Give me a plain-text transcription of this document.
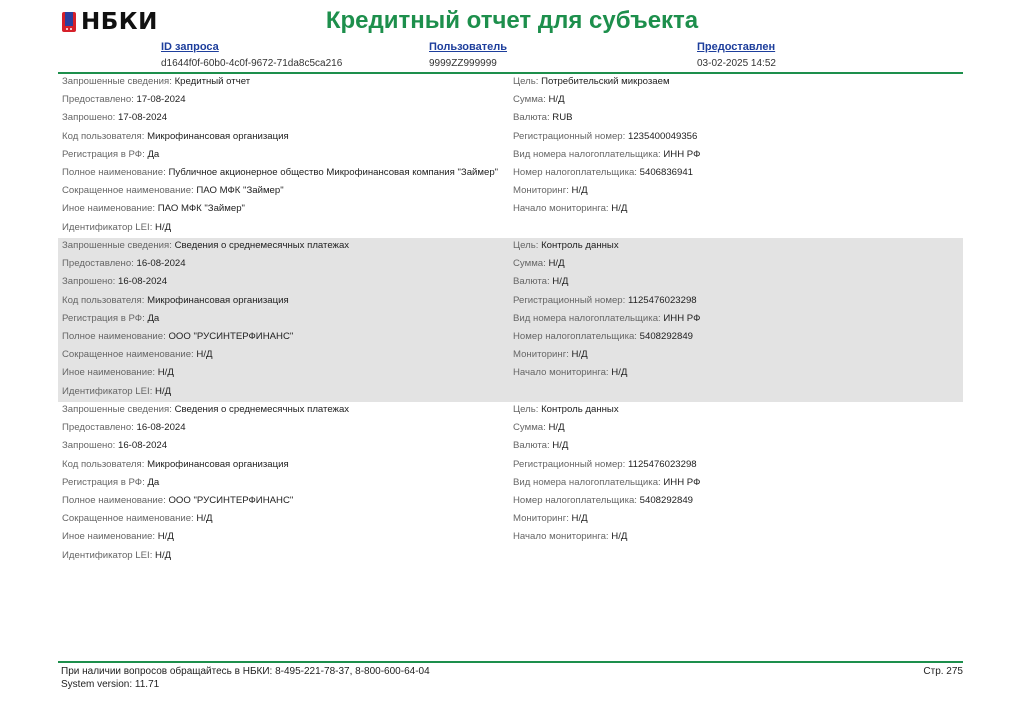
НБКИ	Кредитный отчет для субъекта
ID запроса
d1644f0f-60b0-4c0f-9672-71da8c5ca216
Пользователь
9999ZZ999999
Предоставлен
03-02-2025 14:52
Запрошенные сведения: Кредитный отчет
Предоставлено: 17-08-2024
Запрошено: 17-08-2024
Код пользователя: Микрофинансовая организация
Регистрация в РФ: Да
Полное наименование: Публичное акционерное общество Микрофинансовая компания "Займер"
Сокращенное наименование: ПАО МФК "Займер"
Иное наименование: ПАО МФК "Займер"
Идентификатор LEI: Н/Д
Цель: Потребительский микрозаем
Сумма: Н/Д
Валюта: RUB
Регистрационный номер: 1235400049356
Вид номера налогоплательщика: ИНН РФ
Номер налогоплательщика: 5406836941
Мониторинг: Н/Д
Начало мониторинга: Н/Д
Запрошенные сведения: Сведения о среднемесячных платежах
Предоставлено: 16-08-2024
Запрошено: 16-08-2024
Код пользователя: Микрофинансовая организация
Регистрация в РФ: Да
Полное наименование: ООО "РУСИНТЕРФИНАНС"
Сокращенное наименование: Н/Д
Иное наименование: Н/Д
Идентификатор LEI: Н/Д
Цель: Контроль данных
Сумма: Н/Д
Валюта: Н/Д
Регистрационный номер: 1125476023298
Вид номера налогоплательщика: ИНН РФ
Номер налогоплательщика: 5408292849
Мониторинг: Н/Д
Начало мониторинга: Н/Д
Запрошенные сведения: Сведения о среднемесячных платежах
Предоставлено: 16-08-2024
Запрошено: 16-08-2024
Код пользователя: Микрофинансовая организация
Регистрация в РФ: Да
Полное наименование: ООО "РУСИНТЕРФИНАНС"
Сокращенное наименование: Н/Д
Иное наименование: Н/Д
Идентификатор LEI: Н/Д
Цель: Контроль данных
Сумма: Н/Д
Валюта: Н/Д
Регистрационный номер: 1125476023298
Вид номера налогоплательщика: ИНН РФ
Номер налогоплательщика: 5408292849
Мониторинг: Н/Д
Начало мониторинга: Н/Д
При наличии вопросов обращайтесь в НБКИ: 8-495-221-78-37, 8-800-600-64-04
System version: 11.71
Стр. 275
